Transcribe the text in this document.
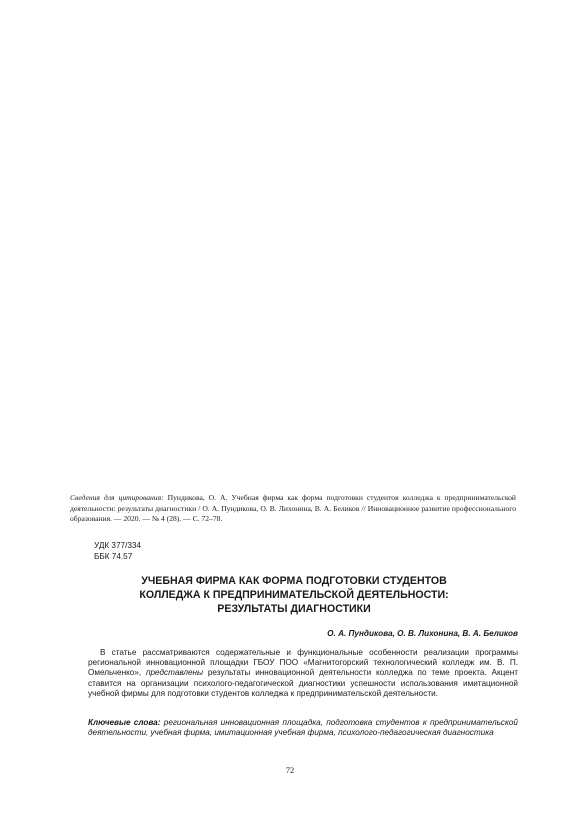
Сведения для цитирования: Пундикова, О. А. Учебная фирма как форма подготовки студентов колледжа к предпринимательской деятельности: результаты диагностики / О. А. Пундикова, О. В. Лихонина, В. А. Беликов // Инновационное развитие профессионального образования. — 2020. — № 4 (28). — С. 72–78.
УДК 377/334
ББК 74.57
УЧЕБНАЯ ФИРМА КАК ФОРМА ПОДГОТОВКИ СТУДЕНТОВ
КОЛЛЕДЖА К ПРЕДПРИНИМАТЕЛЬСКОЙ ДЕЯТЕЛЬНОСТИ:
РЕЗУЛЬТАТЫ ДИАГНОСТИКИ
О. А. Пундикова, О. В. Лихонина, В. А. Беликов
В статье рассматриваются содержательные и функциональные особенности реализации программы региональной инновационной площадки ГБОУ ПОО «Магнитогорский технологический колледж им. В. П. Омельченко», представлены результаты инновационной деятельности колледжа по теме проекта. Акцент ставится на организации психолого-педагогической диагностики успешности использования имитационной учебной фирмы для подготовки студентов колледжа к предпринимательской деятельности.
Ключевые слова: региональная инновационная площадка, подготовка студентов к предпринимательской деятельности, учебная фирма, имитационная учебная фирма, психолого-педагогическая диагностика
72
